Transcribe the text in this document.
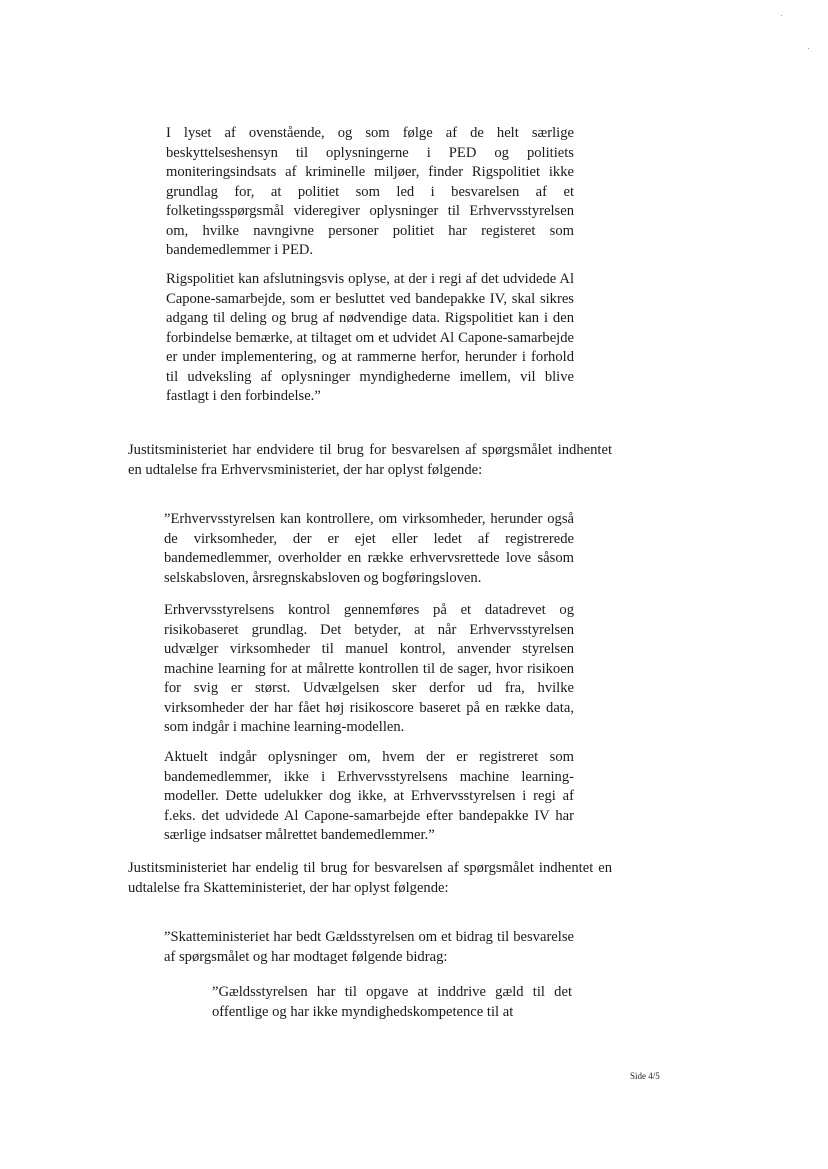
I lyset af ovenstående, og som følge af de helt særlige beskyttelseshensyn til oplysningerne i PED og politiets moniteringsindsats af kriminelle miljøer, finder Rigspolitiet ikke grundlag for, at politiet som led i besvarelsen af et folketingsspørgsmål videregiver oplysninger til Erhvervsstyrelsen om, hvilke navngivne personer politiet har registeret som bandemedlemmer i PED.

Rigspolitiet kan afslutningsvis oplyse, at der i regi af det udvidede Al Capone-samarbejde, som er besluttet ved bandepakke IV, skal sikres adgang til deling og brug af nødvendige data. Rigspolitiet kan i den forbindelse bemærke, at tiltaget om et udvidet Al Capone-samarbejde er under implementering, og at rammerne herfor, herunder i forhold til udveksling af oplysninger myndighederne imellem, vil blive fastlagt i den forbindelse.”

Justitsministeriet har endvidere til brug for besvarelsen af spørgsmålet indhentet en udtalelse fra Erhvervsministeriet, der har oplyst følgende:

”Erhvervsstyrelsen kan kontrollere, om virksomheder, herunder også de virksomheder, der er ejet eller ledet af registrerede bandemedlemmer, overholder en række erhvervsrettede love såsom selskabsloven, årsregnskabsloven og bogføringsloven.

Erhvervsstyrelsens kontrol gennemføres på et datadrevet og risikobaseret grundlag. Det betyder, at når Erhvervsstyrelsen udvælger virksomheder til manuel kontrol, anvender styrelsen machine learning for at målrette kontrollen til de sager, hvor risikoen for svig er størst. Udvælgelsen sker derfor ud fra, hvilke virksomheder der har fået høj risikoscore baseret på en række data, som indgår i machine learning-modellen.

Aktuelt indgår oplysninger om, hvem der er registreret som bandemedlemmer, ikke i Erhvervsstyrelsens machine learning-modeller. Dette udelukker dog ikke, at Erhvervsstyrelsen i regi af f.eks. det udvidede Al Capone-samarbejde efter bandepakke IV har særlige indsatser målrettet bandemedlemmer.”

Justitsministeriet har endelig til brug for besvarelsen af spørgsmålet indhentet en udtalelse fra Skatteministeriet, der har oplyst følgende:

”Skatteministeriet har bedt Gældsstyrelsen om et bidrag til besvarelse af spørgsmålet og har modtaget følgende bidrag:

”Gældsstyrelsen har til opgave at inddrive gæld til det offentlige og har ikke myndighedskompetence til at

Side 4/5
